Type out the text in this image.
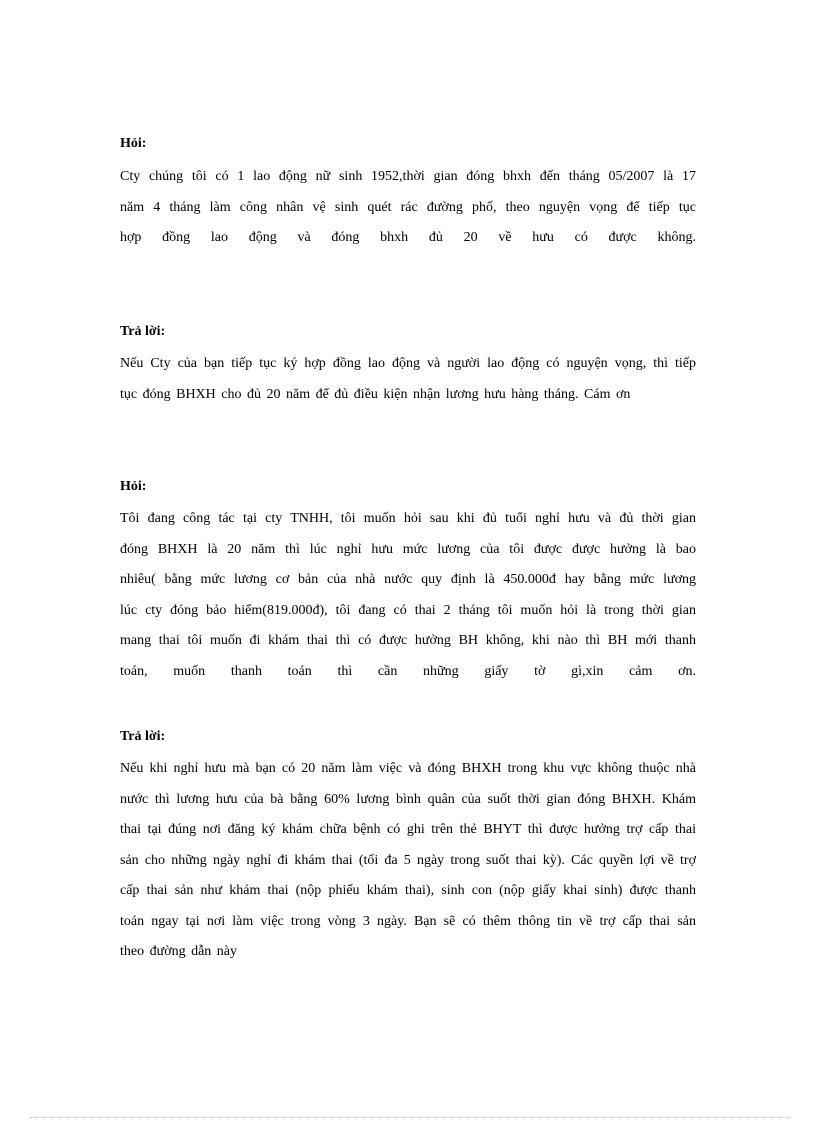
Hỏi:
Cty chúng tôi có 1 lao động nữ sinh 1952,thời gian đóng bhxh đến tháng 05/2007 là 17
năm 4 tháng làm công nhân vệ sinh quét rác đường phố, theo nguyện vọng để tiếp tục
hợp đồng lao động và đóng bhxh đủ 20 về hưu có được không.
Trả lời:
Nếu Cty của bạn tiếp tục ký hợp đồng lao động và người lao động có nguyện vọng, thì tiếp
tục đóng BHXH cho đủ 20 năm để đủ điều kiện nhận lương hưu hàng tháng. Cám ơn
Hỏi:
Tôi đang công tác tại cty TNHH, tôi muốn hỏi sau khi đủ tuổi nghỉ hưu và đủ thời gian
đóng BHXH là 20 năm thì lúc nghỉ hưu mức lương của tôi được được hưởng là bao
nhiêu( bằng mức lương cơ bản của nhà nước quy định là 450.000đ hay bằng mức lương
lúc cty đóng bảo hiểm(819.000đ), tôi đang có thai 2 tháng tôi muốn hỏi là trong thời gian
mang thai tôi muốn đi khám thai thì có được hưởng BH không, khi nào thì BH mới thanh
toán, muốn thanh toán thì cần những giấy tờ gì,xin cảm ơn.
Trả lời:
Nếu khi nghỉ hưu mà bạn có 20 năm làm việc và đóng BHXH trong khu vực không thuộc nhà
nước thì lương hưu của bà bằng 60% lương bình quân của suốt thời gian đóng BHXH. Khám
thai tại đúng nơi đăng ký khám chữa bệnh có ghi trên thẻ BHYT thì được hưởng trợ cấp thai
sản cho những ngày nghỉ đi khám thai (tối đa 5 ngày trong suốt thai kỳ). Các quyền lợi về trợ
cấp thai sản như khám thai (nộp phiếu khám thai), sinh con (nộp giấy khai sinh) được thanh
toán ngay tại nơi làm việc trong vòng 3 ngày. Bạn sẽ có thêm thông tin về trợ cấp thai sản
theo đường dẫn này
